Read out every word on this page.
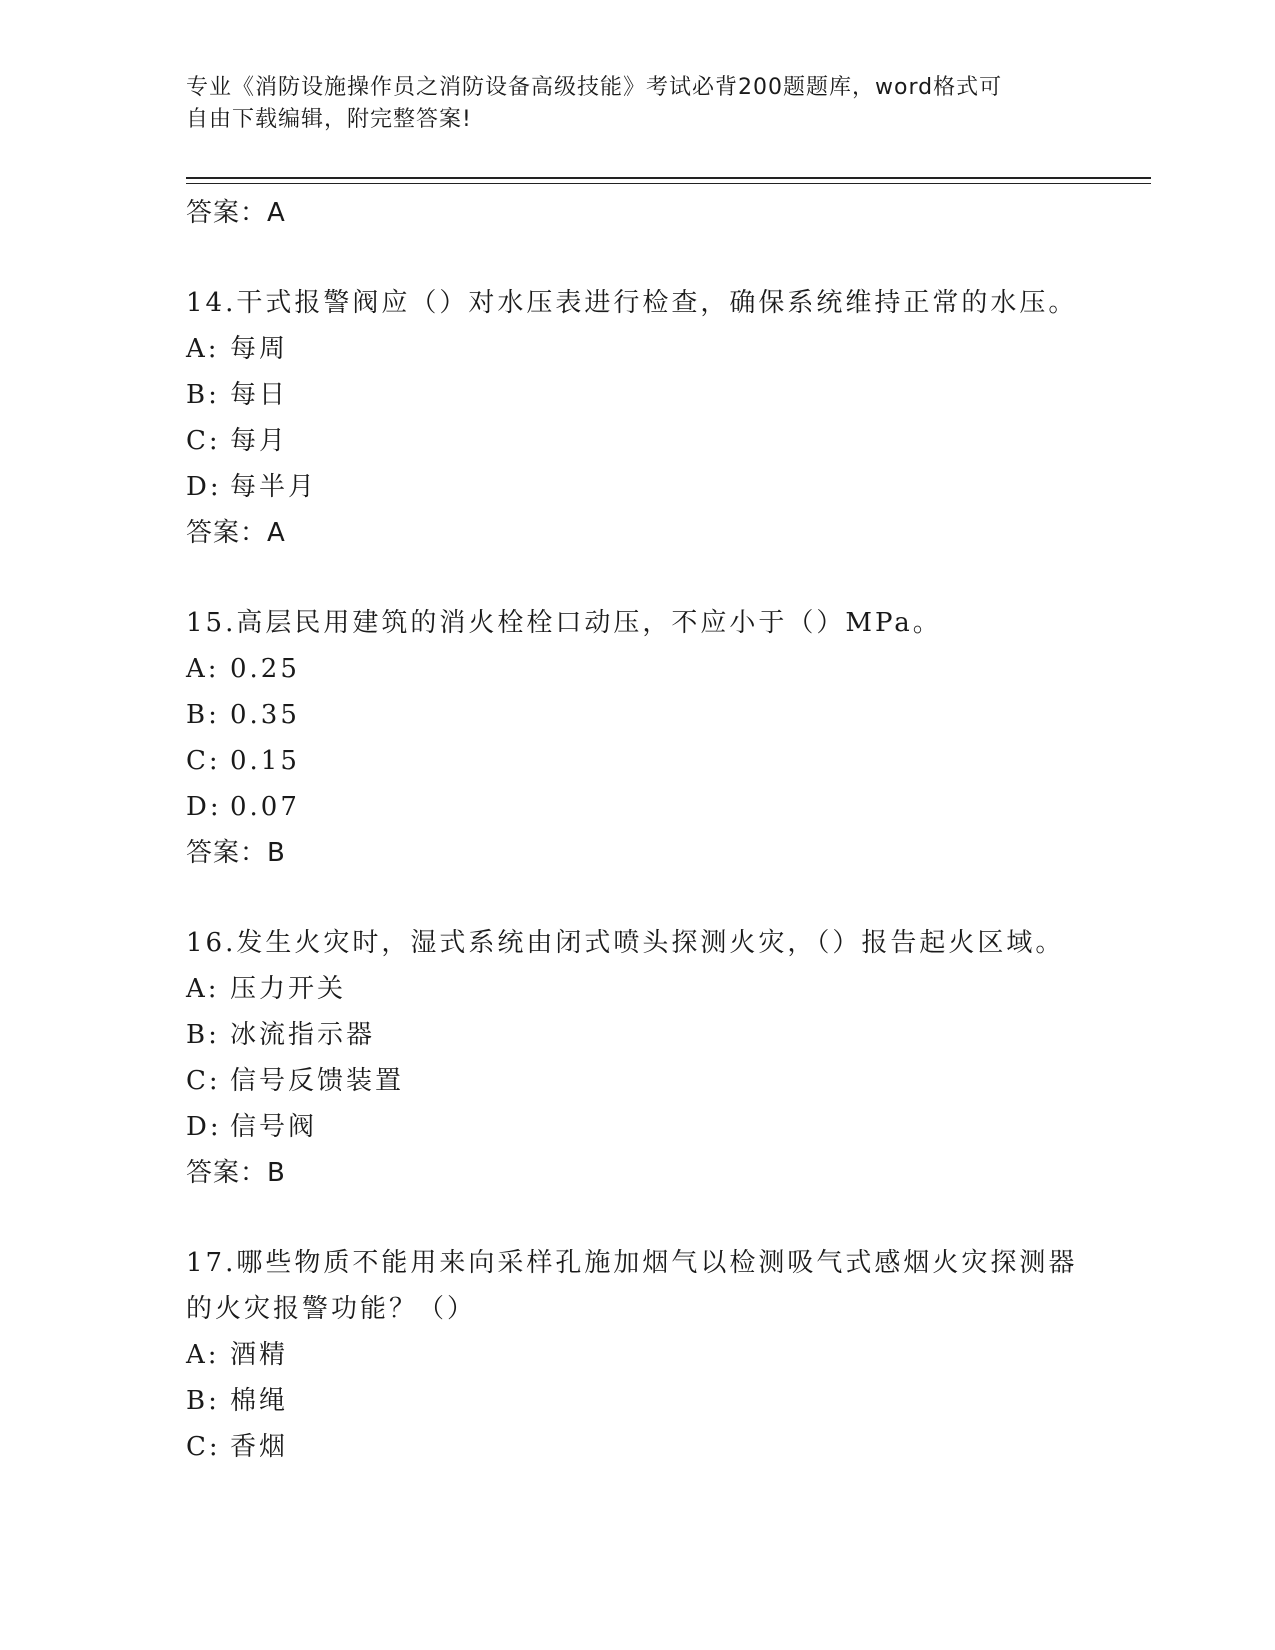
专业《消防设施操作员之消防设备高级技能》考试必背200题题库，word格式可
自由下载编辑，附完整答案!
答案：A
14.干式报警阀应（）对水压表进行检查，确保系统维持正常的水压。
A: 每周
B: 每日
C: 每月
D: 每半月
答案：A
15.高层民用建筑的消火栓栓口动压，不应小于（）MPa。
A: 0.25
B: 0.35
C: 0.15
D: 0.07
答案：B
16.发生火灾时，湿式系统由闭式喷头探测火灾，（）报告起火区域。
A: 压力开关
B: 冰流指示器
C: 信号反馈装置
D: 信号阀
答案：B
17.哪些物质不能用来向采样孔施加烟气以检测吸气式感烟火灾探测器
的火灾报警功能？（）
A: 酒精
B: 棉绳
C: 香烟
